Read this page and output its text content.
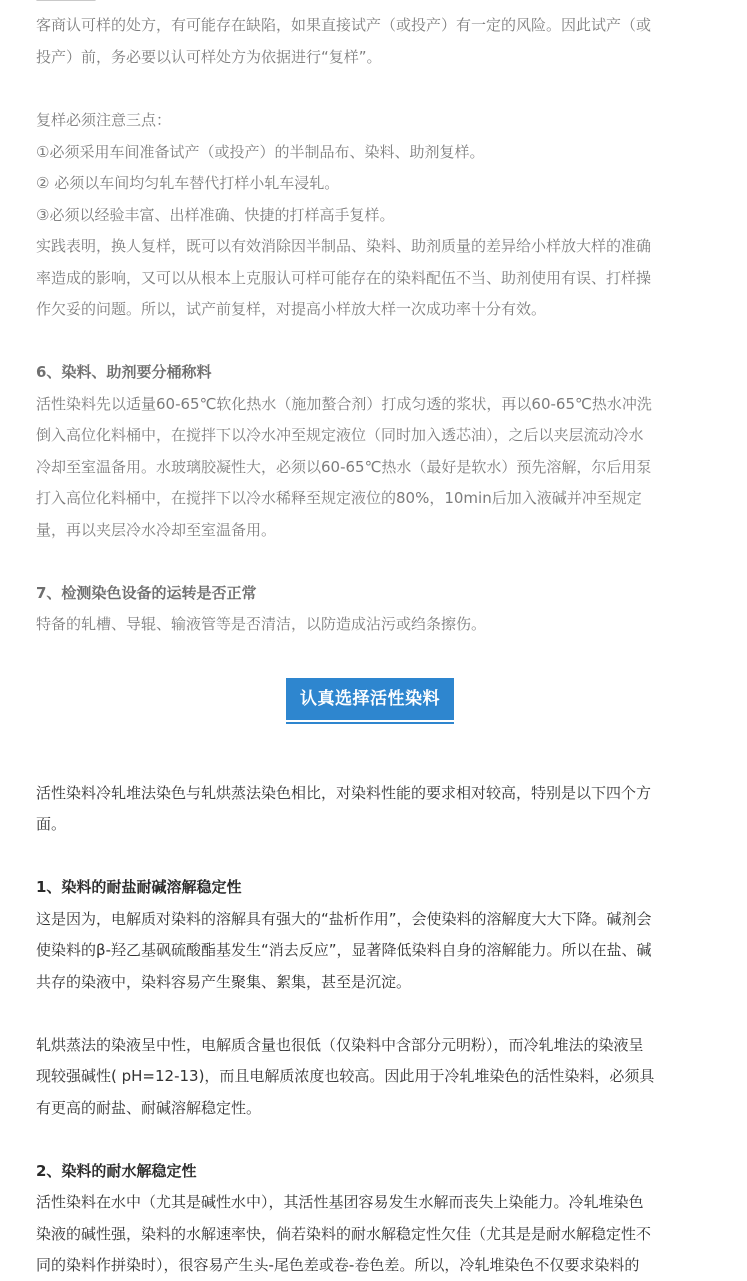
客商认可样的处方，有可能存在缺陷，如果直接试产（或投产）有一定的风险。因此试产（或
投产）前，务必要以认可样处方为依据进行“复样”。
复样必须注意三点：
①必须采用车间准备试产（或投产）的半制品布、染料、助剂复样。
② 必须以车间均匀轧车替代打样小轧车浸轧。
③必须以经验丰富、出样准确、快捷的打样高手复样。
实践表明，换人复样，既可以有效消除因半制品、染料、助剂质量的差异给小样放大样的准确
率造成的影响，又可以从根本上克服认可样可能存在的染料配伍不当、助剂使用有误、打样操
作欠妥的问题。所以，试产前复样，对提高小样放大样一次成功率十分有效。
6、染料、助剂要分桶称料
活性染料先以适量60-65℃软化热水（施加螯合剂）打成匀透的浆状，再以60-65℃热水冲洗
倒入高位化料桶中，在搅拌下以冷水冲至规定液位（同时加入透芯油），之后以夹层流动冷水
冷却至室温备用。水玻璃胶凝性大，必须以60-65℃热水（最好是软水）预先溶解，尔后用泵
打入高位化料桶中，在搅拌下以冷水稀释至规定液位的80%，10min后加入液碱并冲至规定
量，再以夹层冷水冷却至室温备用。
7、检测染色设备的运转是否正常
特备的轧槽、导辊、输液管等是否清洁，以防造成沾污或绉条擦伤。
活性染料冷轧堆法染色与轧烘蒸法染色相比，对染料性能的要求相对较高，特别是以下四个方
面。
1、染料的耐盐耐碱溶解稳定性
这是因为，电解质对染料的溶解具有强大的“盐析作用”，会使染料的溶解度大大下降。碱剂会
使染料的β-羟乙基砜硫酸酯基发生“消去反应”，显著降低染料自身的溶解能力。所以在盐、碱
共存的染液中，染料容易产生聚集、絮集，甚至是沉淀。
轧烘蒸法的染液呈中性，电解质含量也很低（仅染料中含部分元明粉），而冷轧堆法的染液呈
现较强碱性( pH=12-13)，而且电解质浓度也较高。因此用于冷轧堆染色的活性染料，必须具
有更高的耐盐、耐碱溶解稳定性。
2、染料的耐水解稳定性
活性染料在水中（尤其是碱性水中），其活性基团容易发生水解而丧失上染能力。冷轧堆染色
染液的碱性强，染料的水解速率快，倘若染料的耐水解稳定性欠佳（尤其是是耐水解稳定性不
同的染料作拼染时），很容易产生头-尾色差或卷-卷色差。所以，冷轧堆染色不仅要求染料的
认真选择活性染料
